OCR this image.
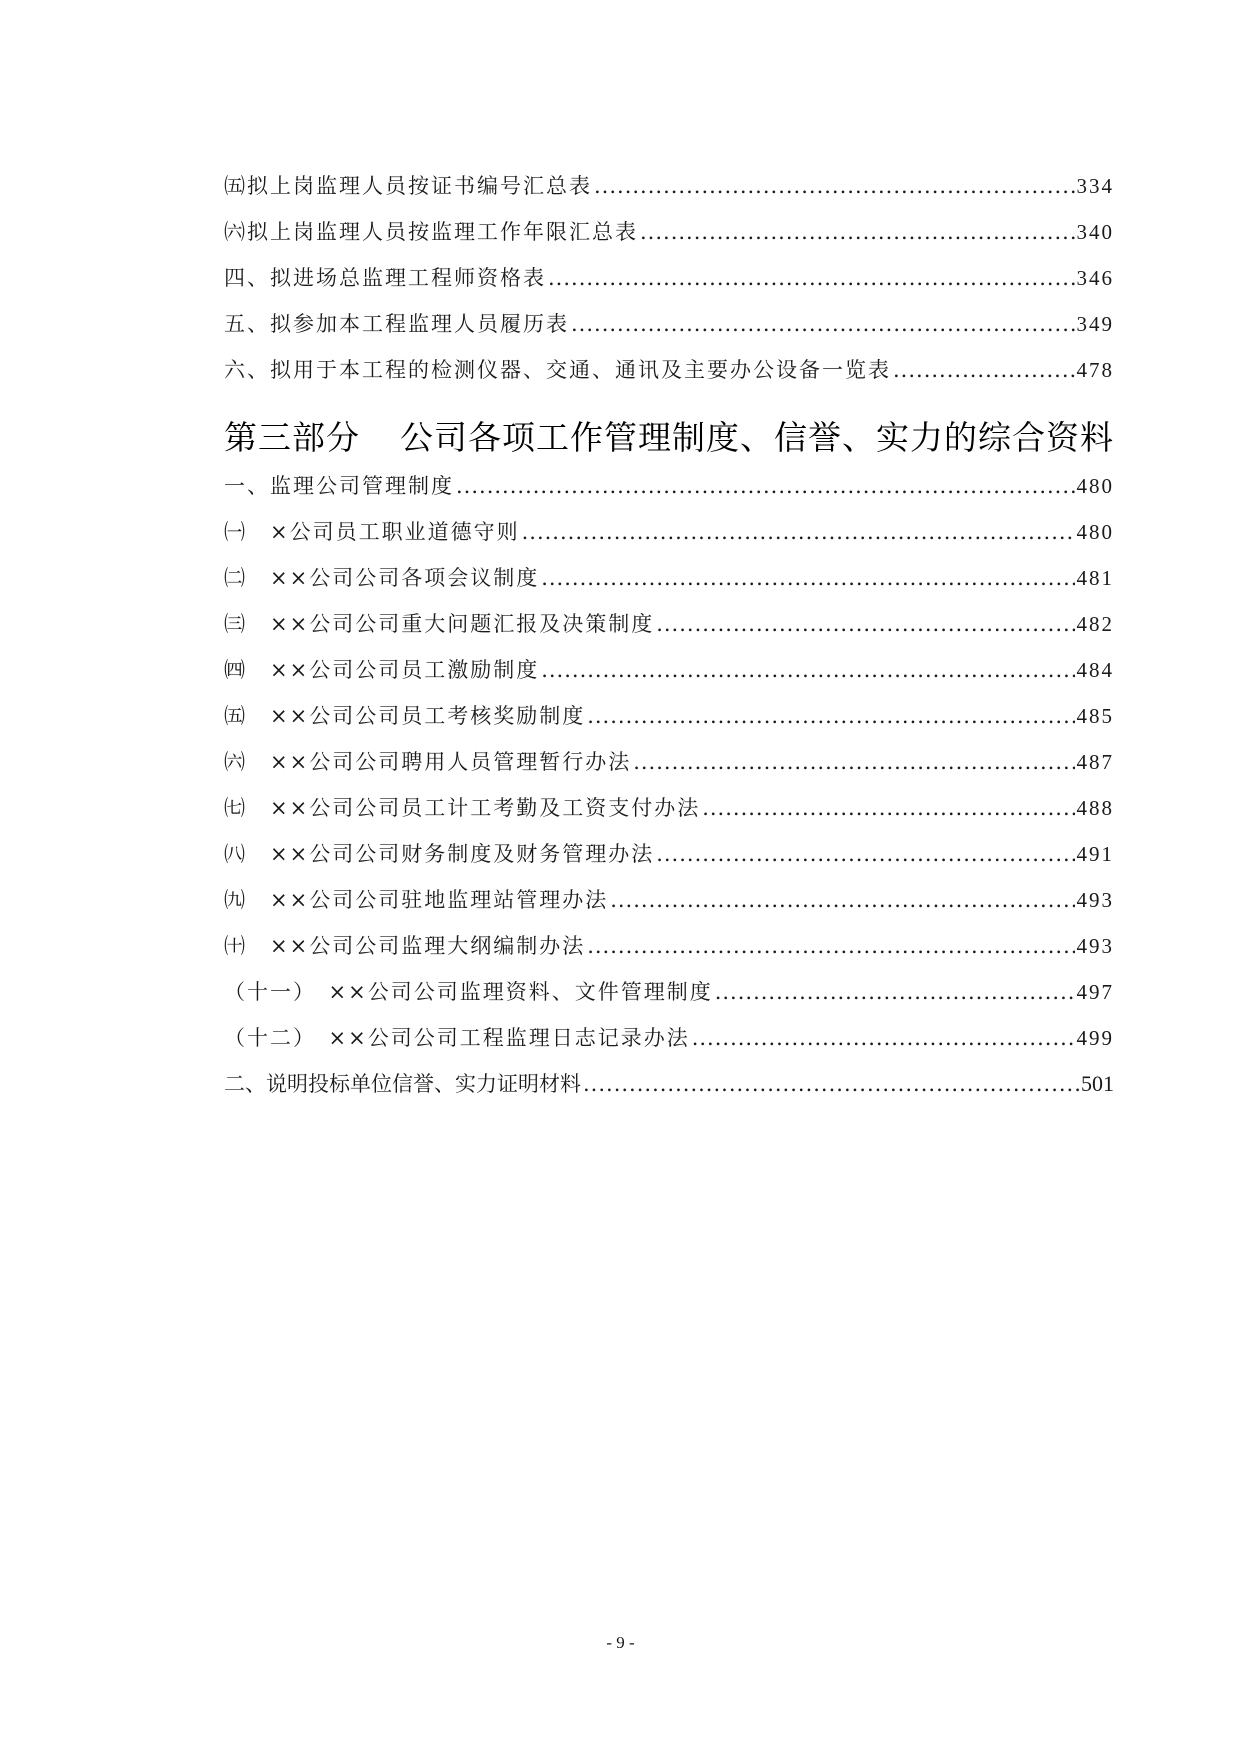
㈤拟上岗监理人员按证书编号汇总表 .....	334
㈥拟上岗监理人员按监理工作年限汇总表 .....	340
四、拟进场总监理工程师资格表 .....	346
五、拟参加本工程监理人员履历表 .....	349
六、拟用于本工程的检测仪器、交通、通讯及主要办公设备一览表 .....	478
第三部分	公司各项工作管理制度、信誉、实力的综合资料
一、监理公司管理制度 .....	480
㈠　×公司员工职业道德守则 .....	480
㈡　××公司公司各项会议制度 .....	481
㈢　××公司公司重大问题汇报及决策制度 .....	482
㈣　××公司公司员工激励制度 .....	484
㈤　××公司公司员工考核奖励制度 .....	485
㈥　××公司公司聘用人员管理暂行办法 .....	487
㈦　××公司公司员工计工考勤及工资支付办法 .....	488
㈧　××公司公司财务制度及财务管理办法 .....	491
㈨　××公司公司驻地监理站管理办法 .....	493
㈩　××公司公司监理大纲编制办法 .....	493
（十一）　××公司公司监理资料、文件管理制度 .....	497
（十二）　××公司公司工程监理日志记录办法 .....	499
二、说明投标单位信誉、实力证明材料 .....	501
- 9 -
